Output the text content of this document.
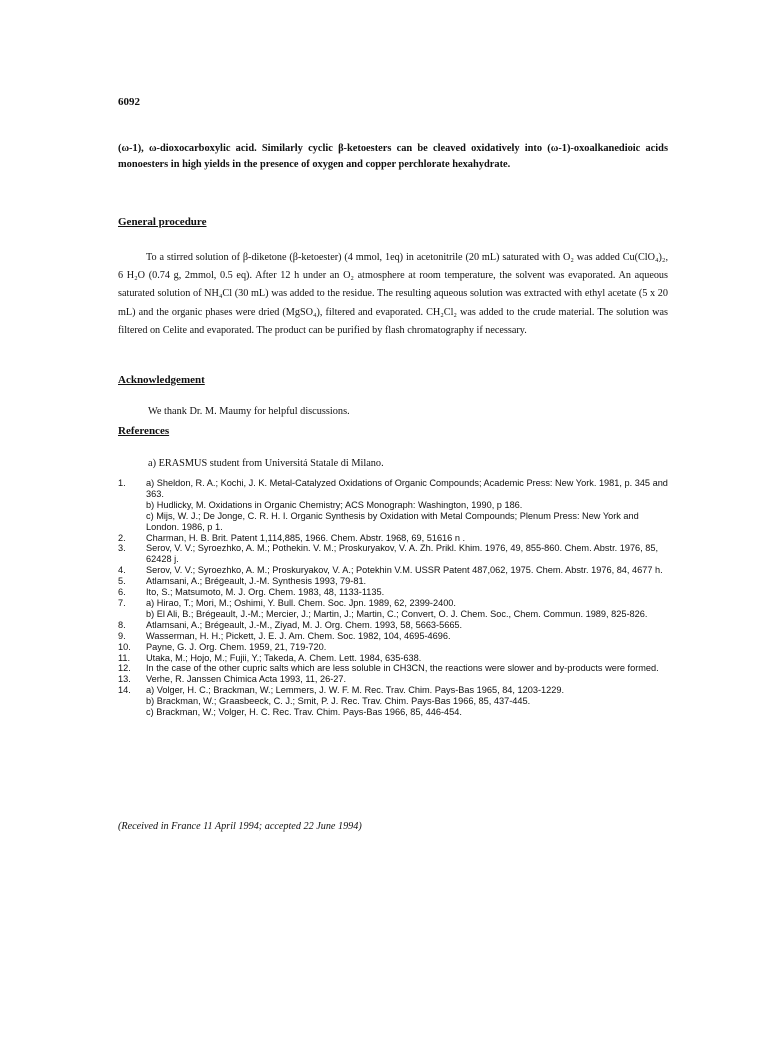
6092
(ω-1), ω-dioxocarboxylic acid. Similarly cyclic β-ketoesters can be cleaved oxidatively into (ω-1)-oxoalkanedioic acids monoesters in high yields in the presence of oxygen and copper perchlorate hexahydrate.
General procedure
To a stirred solution of β-diketone (β-ketoester) (4 mmol, 1eq) in acetonitrile (20 mL) saturated with O₂ was added Cu(ClO₄)₂, 6 H₂O (0.74 g, 2mmol, 0.5 eq). After 12 h under an O₂ atmosphere at room temperature, the solvent was evaporated. An aqueous saturated solution of NH₄Cl (30 mL) was added to the residue. The resulting aqueous solution was extracted with ethyl acetate (5 x 20 mL) and the organic phases were dried (MgSO₄), filtered and evaporated. CH₂Cl₂ was added to the crude material. The solution was filtered on Celite and evaporated. The product can be purified by flash chromatography if necessary.
Acknowledgement
We thank Dr. M. Maumy for helpful discussions.
References
a) ERASMUS student from Universitá Statale di Milano.
1.	a) Sheldon, R. A.; Kochi, J. K. Metal-Catalyzed Oxidations of Organic Compounds; Academic Press: New York. 1981, p. 345 and 363.
b) Hudlicky, M. Oxidations in Organic Chemistry; ACS Monograph: Washington, 1990, p 186.
c) Mijs, W. J.; De Jonge, C. R. H. I. Organic Synthesis by Oxidation with Metal Compounds; Plenum Press: New York and London. 1986, p 1.
2.	Charman, H. B. Brit. Patent 1,114,885, 1966. Chem. Abstr. 1968, 69, 51616 n .
3.	Serov, V. V.; Syroezhko, A. M.; Pothekin. V. M.; Proskuryakov, V. A. Zh. Prikl. Khim. 1976, 49, 855-860. Chem. Abstr. 1976, 85, 62428 j.
4.	Serov, V. V.; Syroezhko, A. M.; Proskuryakov, V. A.; Potekhin V.M. USSR Patent 487,062, 1975. Chem. Abstr. 1976, 84, 4677 h.
5.	Atlamsani, A.; Brégeault, J.-M. Synthesis 1993, 79-81.
6.	Ito, S.; Matsumoto, M. J. Org. Chem. 1983, 48, 1133-1135.
7.	a) Hirao, T.; Mori, M.; Oshimi, Y. Bull. Chem. Soc. Jpn. 1989, 62, 2399-2400.
b) El Ali, B.; Brégeault, J.-M.; Mercier, J.; Martin, J.; Martin, C.; Convert, O. J. Chem. Soc., Chem. Commun. 1989, 825-826.
8.	Atlamsani, A.; Brégeault, J.-M., Ziyad, M. J. Org. Chem. 1993, 58, 5663-5665.
9.	Wasserman, H. H.; Pickett, J. E. J. Am. Chem. Soc. 1982, 104, 4695-4696.
10.	Payne, G. J. Org. Chem. 1959, 21, 719-720.
11.	Utaka, M.; Hojo, M.; Fujii, Y.; Takeda, A. Chem. Lett. 1984, 635-638.
12.	In the case of the other cupric salts which are less soluble in CH3CN, the reactions were slower and by-products were formed.
13.	Verhe, R. Janssen Chimica Acta 1993, 11, 26-27.
14.	a) Volger, H. C.; Brackman, W.; Lemmers, J. W. F. M. Rec. Trav. Chim. Pays-Bas 1965, 84, 1203-1229.
b) Brackman, W.; Graasbeeck, C. J.; Smit, P. J. Rec. Trav. Chim. Pays-Bas 1966, 85, 437-445.
c) Brackman, W.; Volger, H. C. Rec. Trav. Chim. Pays-Bas 1966, 85, 446-454.
(Received in France 11 April 1994; accepted 22 June 1994)
